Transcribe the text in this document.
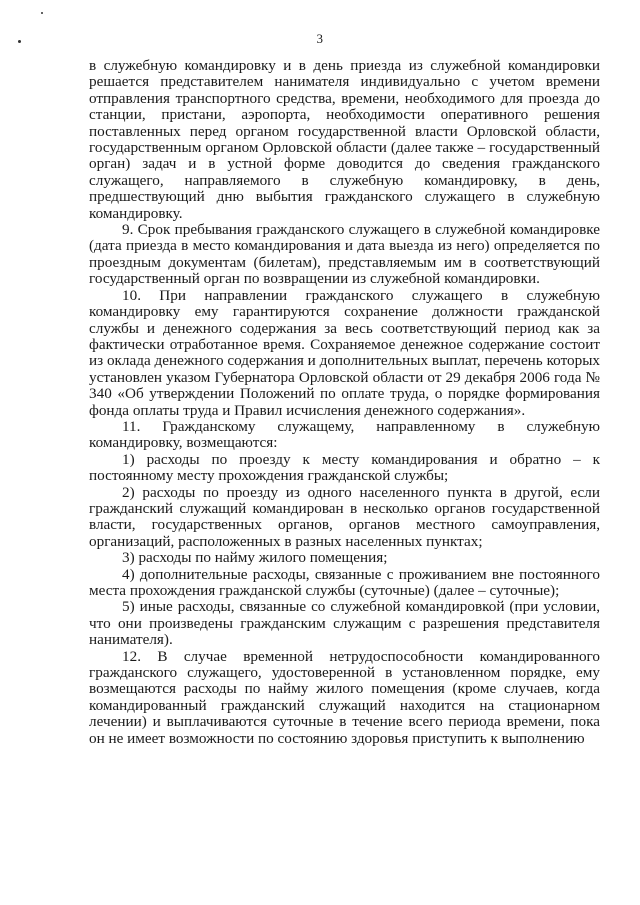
3

в служебную командировку и в день приезда из служебной командировки решается представителем нанимателя индивидуально с учетом времени отправления транспортного средства, времени, необходимого для проезда до станции, пристани, аэропорта, необходимости оперативного решения поставленных перед органом государственной власти Орловской области, государственным органом Орловской области (далее также – государственный орган) задач и в устной форме доводится до сведения гражданского служащего, направляемого в служебную командировку, в день, предшествующий дню выбытия гражданского служащего в служебную командировку.

9. Срок пребывания гражданского служащего в служебной командировке (дата приезда в место командирования и дата выезда из него) определяется по проездным документам (билетам), представляемым им в соответствующий государственный орган по возвращении из служебной командировки.

10. При направлении гражданского служащего в служебную командировку ему гарантируются сохранение должности гражданской службы и денежного содержания за весь соответствующий период как за фактически отработанное время. Сохраняемое денежное содержание состоит из оклада денежного содержания и дополнительных выплат, перечень которых установлен указом Губернатора Орловской области от 29 декабря 2006 года № 340 «Об утверждении Положений по оплате труда, о порядке формирования фонда оплаты труда и Правил исчисления денежного содержания».

11. Гражданскому служащему, направленному в служебную командировку, возмещаются:

1) расходы по проезду к месту командирования и обратно – к постоянному месту прохождения гражданской службы;

2) расходы по проезду из одного населенного пункта в другой, если гражданский служащий командирован в несколько органов государственной власти, государственных органов, органов местного самоуправления, организаций, расположенных в разных населенных пунктах;

3) расходы по найму жилого помещения;

4) дополнительные расходы, связанные с проживанием вне постоянного места прохождения гражданской службы (суточные) (далее – суточные);

5) иные расходы, связанные со служебной командировкой (при условии, что они произведены гражданским служащим с разрешения представителя нанимателя).

12. В случае временной нетрудоспособности командированного гражданского служащего, удостоверенной в установленном порядке, ему возмещаются расходы по найму жилого помещения (кроме случаев, когда командированный гражданский служащий находится на стационарном лечении) и выплачиваются суточные в течение всего периода времени, пока он не имеет возможности по состоянию здоровья приступить к выполнению
